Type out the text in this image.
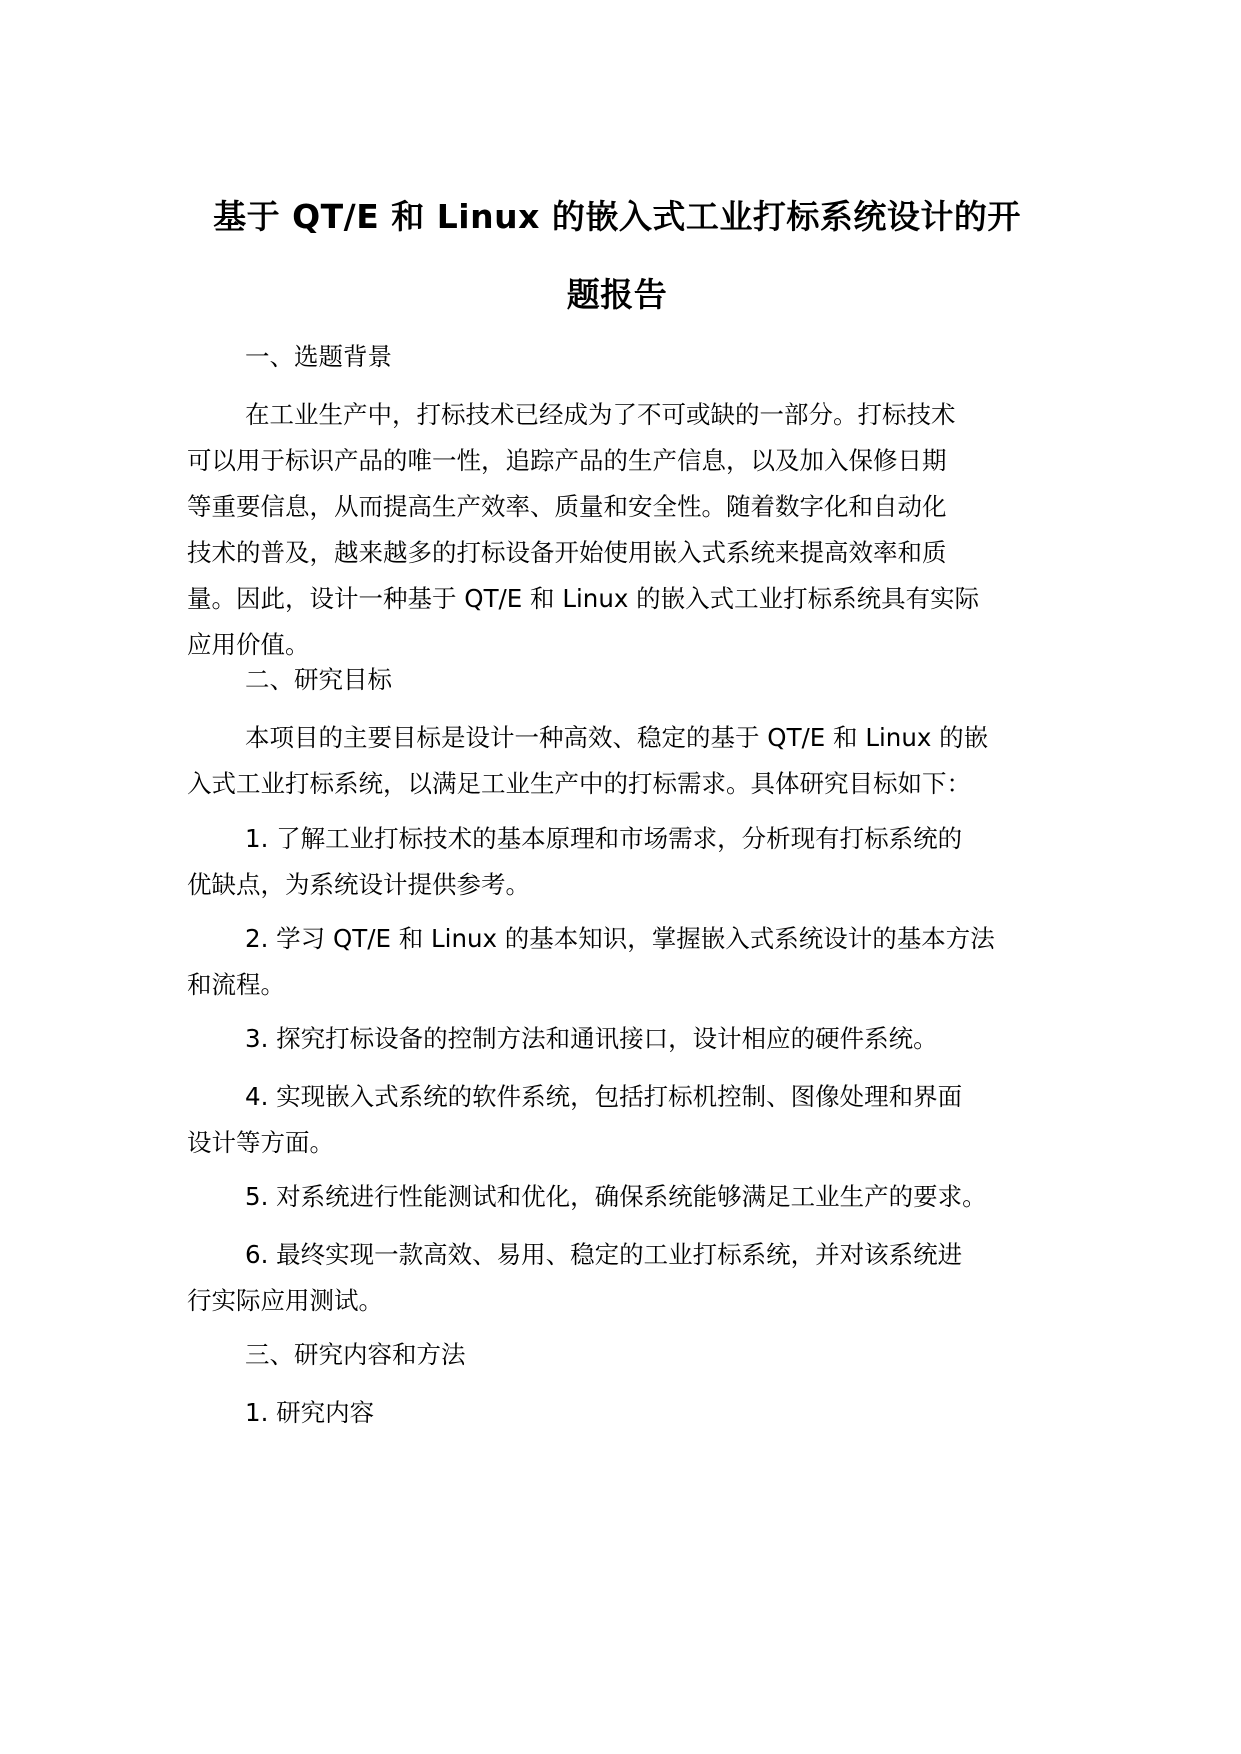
基于 QT/E 和 Linux 的嵌入式工业打标系统设计的开
题报告

一、选题背景

在工业生产中，打标技术已经成为了不可或缺的一部分。打标技术
可以用于标识产品的唯一性，追踪产品的生产信息，以及加入保修日期
等重要信息，从而提高生产效率、质量和安全性。随着数字化和自动化
技术的普及，越来越多的打标设备开始使用嵌入式系统来提高效率和质
量。因此，设计一种基于 QT/E 和 Linux 的嵌入式工业打标系统具有实际
应用价值。

二、研究目标

本项目的主要目标是设计一种高效、稳定的基于 QT/E 和 Linux 的嵌
入式工业打标系统，以满足工业生产中的打标需求。具体研究目标如下：

1. 了解工业打标技术的基本原理和市场需求，分析现有打标系统的
优缺点，为系统设计提供参考。

2. 学习 QT/E 和 Linux 的基本知识，掌握嵌入式系统设计的基本方法
和流程。

3. 探究打标设备的控制方法和通讯接口，设计相应的硬件系统。

4. 实现嵌入式系统的软件系统，包括打标机控制、图像处理和界面
设计等方面。

5. 对系统进行性能测试和优化，确保系统能够满足工业生产的要求。

6. 最终实现一款高效、易用、稳定的工业打标系统，并对该系统进
行实际应用测试。

三、研究内容和方法

1. 研究内容
